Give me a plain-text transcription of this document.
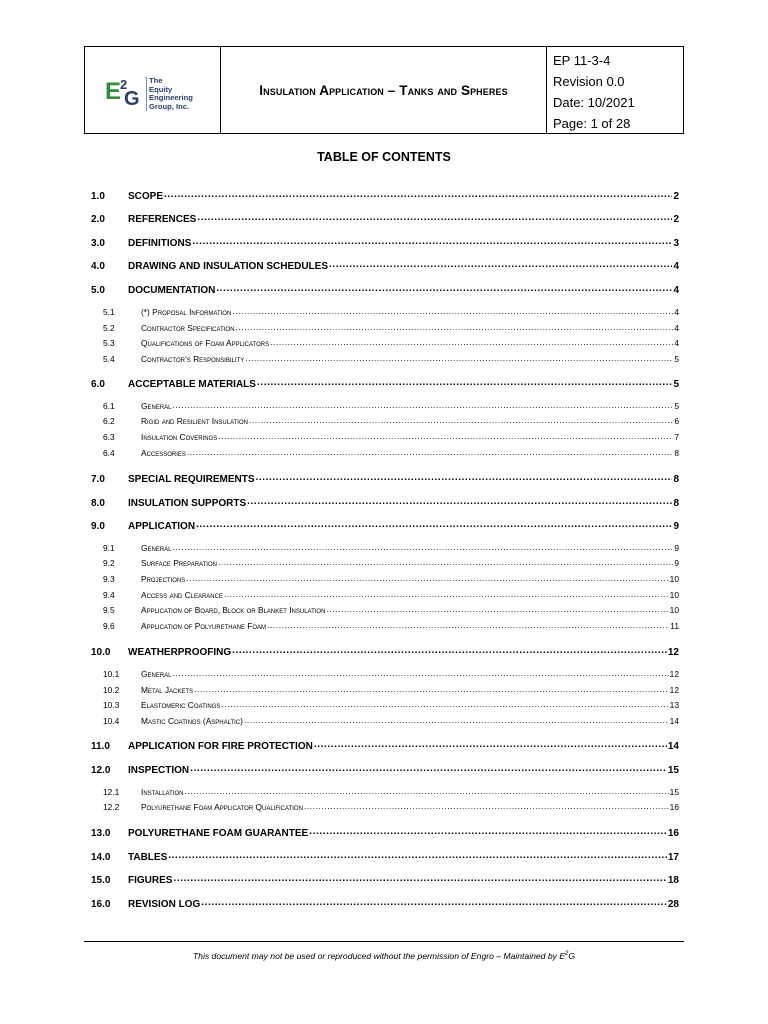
E
2
G
The
Equity
Engineering
Group, Inc.
Insulation Application – Tanks and Spheres
EP 11-3-4
Revision 0.0
Date: 10/2021
Page: 1 of 28
TABLE OF CONTENTS
1.0	SCOPE .....	2
2.0	REFERENCES .....	2
3.0	DEFINITIONS .....	3
4.0	DRAWING AND INSULATION SCHEDULES .....	4
5.0	DOCUMENTATION .....	4
5.1	(*) Proposal Information .....	4
5.2	Contractor Specification .....	4
5.3	Qualifications of Foam Applicators .....	4
5.4	Contractor’s Responsibility .....	5
6.0	ACCEPTABLE MATERIALS .....	5
6.1	General .....	5
6.2	Rigid and Resilient Insulation .....	6
6.3	Insulation Coverings .....	7
6.4	Accessories .....	8
7.0	SPECIAL REQUIREMENTS .....	8
8.0	INSULATION SUPPORTS .....	8
9.0	APPLICATION .....	9
9.1	General .....	9
9.2	Surface Preparation .....	9
9.3	Projections .....	10
9.4	Access and Clearance .....	10
9.5	Application of Board, Block or Blanket Insulation .....	10
9.6	Application of Polyurethane Foam .....	11
10.0	WEATHERPROOFING .....	12
10.1	General .....	12
10.2	Metal Jackets .....	12
10.3	Elastomeric Coatings .....	13
10.4	Mastic Coatings (Asphaltic) .....	14
11.0	APPLICATION FOR FIRE PROTECTION .....	14
12.0	INSPECTION .....	15
12.1	Installation .....	15
12.2	Polyurethane Foam Applicator Qualification .....	16
13.0	POLYURETHANE FOAM GUARANTEE .....	16
14.0	TABLES .....	17
15.0	FIGURES .....	18
16.0	REVISION LOG .....	28
This document may not be used or reproduced without the permission of Engro – Maintained by $E^2G$
